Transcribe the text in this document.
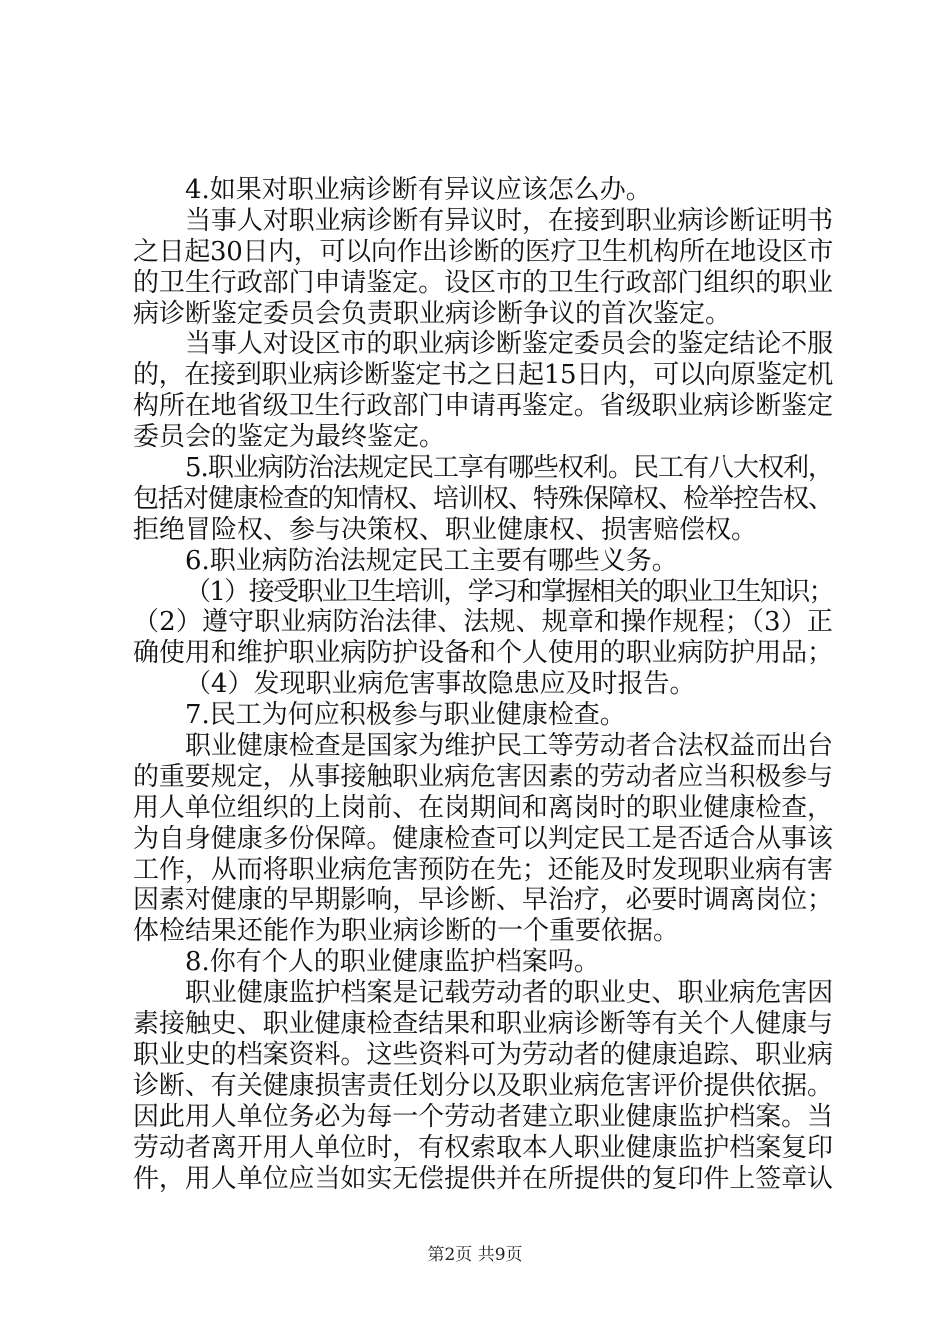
4.如果对职业病诊断有异议应该怎么办。
当事人对职业病诊断有异议时，在接到职业病诊断证明书
之日起30日内，可以向作出诊断的医疗卫生机构所在地设区市
的卫生行政部门申请鉴定。设区市的卫生行政部门组织的职业
病诊断鉴定委员会负责职业病诊断争议的首次鉴定。
当事人对设区市的职业病诊断鉴定委员会的鉴定结论不服
的，在接到职业病诊断鉴定书之日起15日内，可以向原鉴定机
构所在地省级卫生行政部门申请再鉴定。省级职业病诊断鉴定
委员会的鉴定为最终鉴定。
5.职业病防治法规定民工享有哪些权利。民工有八大权利，
包括对健康检查的知情权、培训权、特殊保障权、检举控告权、
拒绝冒险权、参与决策权、职业健康权、损害赔偿权。
6.职业病防治法规定民工主要有哪些义务。
（1）接受职业卫生培训，学习和掌握相关的职业卫生知识；
（2）遵守职业病防治法律、法规、规章和操作规程；（3）正
确使用和维护职业病防护设备和个人使用的职业病防护用品；
（4）发现职业病危害事故隐患应及时报告。
7.民工为何应积极参与职业健康检查。
职业健康检查是国家为维护民工等劳动者合法权益而出台
的重要规定，从事接触职业病危害因素的劳动者应当积极参与
用人单位组织的上岗前、在岗期间和离岗时的职业健康检查，
为自身健康多份保障。健康检查可以判定民工是否适合从事该
工作，从而将职业病危害预防在先；还能及时发现职业病有害
因素对健康的早期影响，早诊断、早治疗，必要时调离岗位；
体检结果还能作为职业病诊断的一个重要依据。
8.你有个人的职业健康监护档案吗。
职业健康监护档案是记载劳动者的职业史、职业病危害因
素接触史、职业健康检查结果和职业病诊断等有关个人健康与
职业史的档案资料。这些资料可为劳动者的健康追踪、职业病
诊断、有关健康损害责任划分以及职业病危害评价提供依据。
因此用人单位务必为每一个劳动者建立职业健康监护档案。当
劳动者离开用人单位时，有权索取本人职业健康监护档案复印
件，用人单位应当如实无偿提供并在所提供的复印件上签章认
第2页 共9页
